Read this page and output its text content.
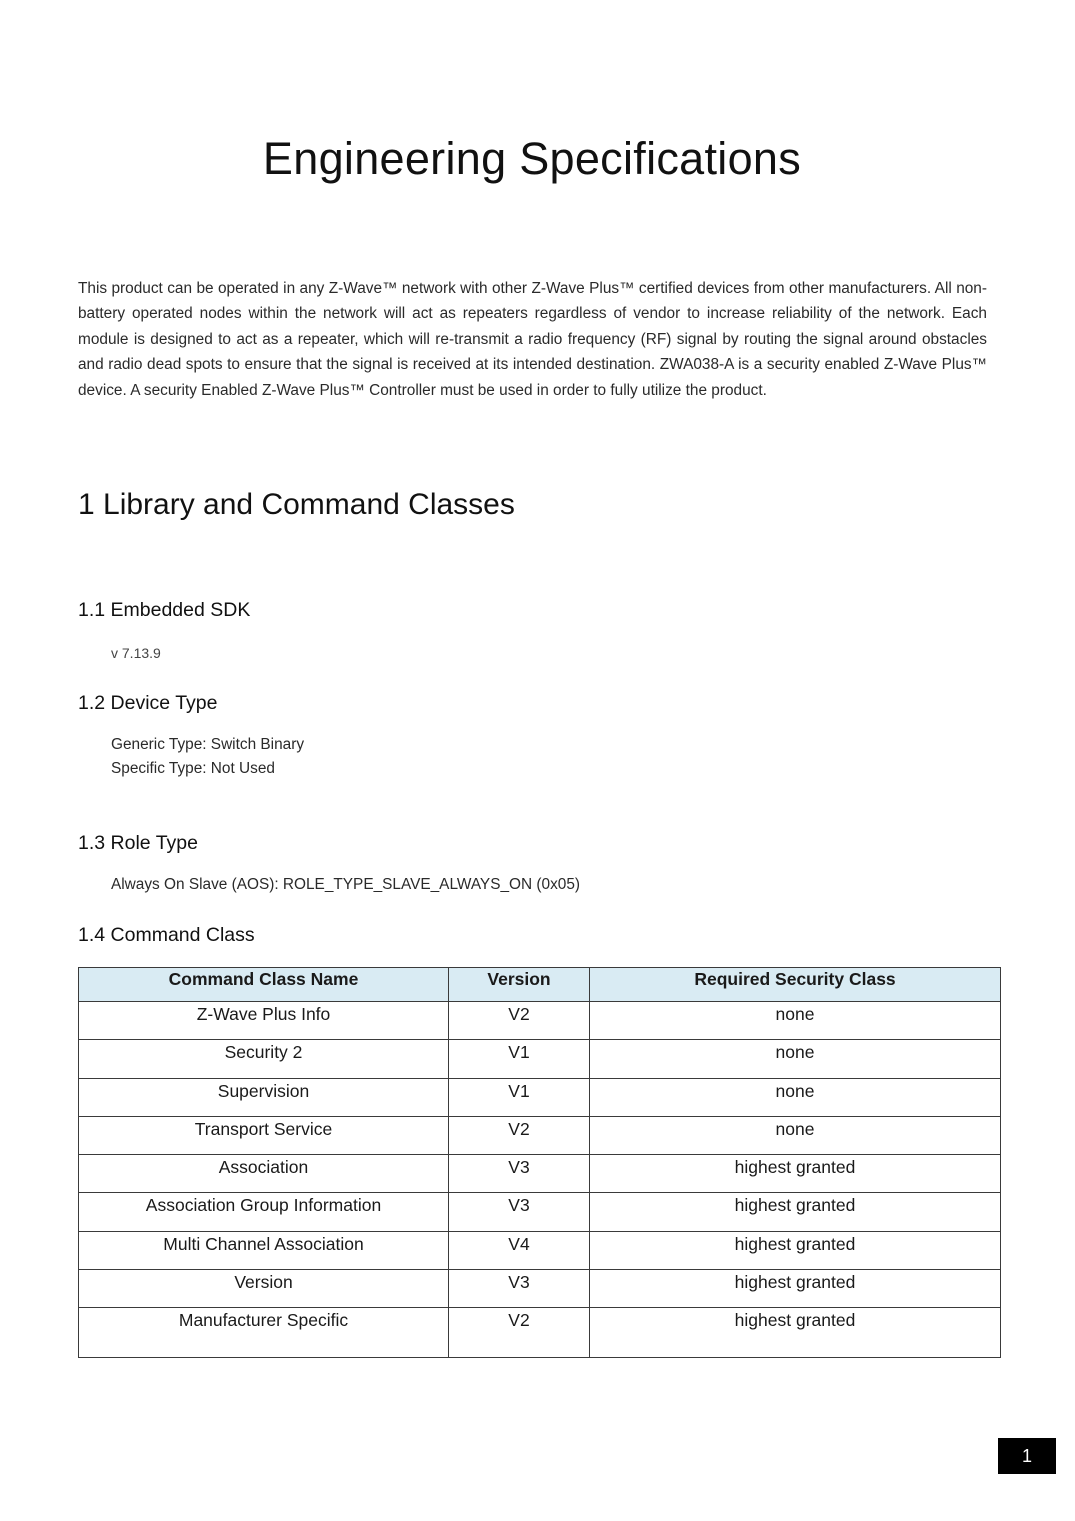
Engineering Specifications

This product can be operated in any Z-Wave™ network with other Z-Wave Plus™ certified devices from other manufacturers. All non-battery operated nodes within the network will act as repeaters regardless of vendor to increase reliability of the network. Each module is designed to act as a repeater, which will re-transmit a radio frequency (RF) signal by routing the signal around obstacles and radio dead spots to ensure that the signal is received at its intended destination. ZWA038-A is a security enabled Z-Wave Plus™ device. A security Enabled Z-Wave Plus™ Controller must be used in order to fully utilize the product.

1 Library and Command Classes
1.1 Embedded SDK

v 7.13.9

1.2 Device Type

Generic Type: Switch Binary

Specific Type: Not Used

1.3 Role Type

Always On Slave (AOS): ROLE_TYPE_SLAVE_ALWAYS_ON (0x05)

1.4 Command Class
Command Class Name	Version	Required Security Class
Z-Wave Plus Info	V2	none
Security 2	V1	none
Supervision	V1	none
Transport Service	V2	none
Association	V3	highest granted
Association Group Information	V3	highest granted
Multi Channel Association	V4	highest granted
Version	V3	highest granted
Manufacturer Specific	V2	highest granted
1
